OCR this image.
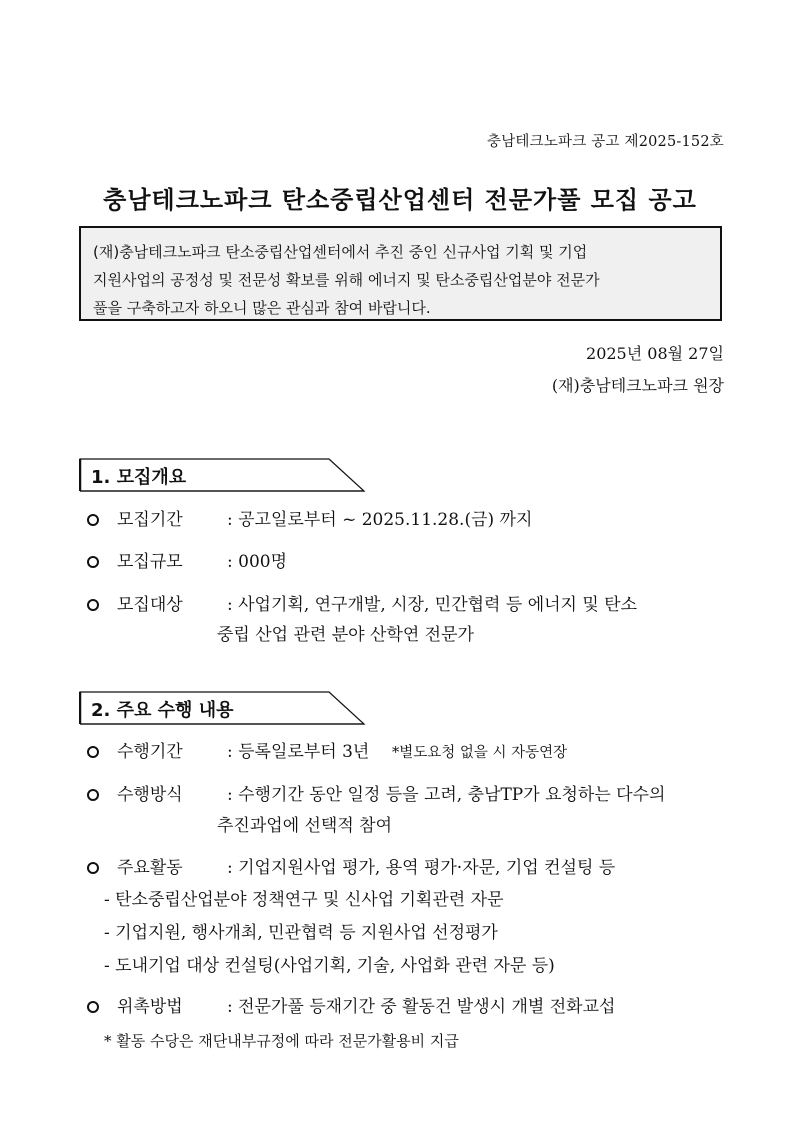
충남테크노파크 공고 제2025-152호
충남테크노파크 탄소중립산업센터 전문가풀 모집 공고
(재)충남테크노파크 탄소중립산업센터에서 추진 중인 신규사업 기획 및 기업
지원사업의 공정성 및 전문성 확보를 위해 에너지 및 탄소중립산업분야 전문가
풀을 구축하고자 하오니 많은 관심과 참여 바랍니다.
2025년 08월 27일
(재)충남테크노파크 원장
1. 모집개요
모집기간	: 공고일로부터 ~ 2025.11.28.(금) 까지
모집규모	: 000명
모집대상	: 사업기획, 연구개발, 시장, 민간협력 등 에너지 및 탄소
중립 산업 관련 분야 산학연 전문가
2. 주요 수행 내용
수행기간	: 등록일로부터 3년 *별도요청 없을 시 자동연장
수행방식	: 수행기간 동안 일정 등을 고려, 충남TP가 요청하는 다수의
추진과업에 선택적 참여
주요활동	: 기업지원사업 평가, 용역 평가·자문, 기업 컨설팅 등
- 탄소중립산업분야 정책연구 및 신사업 기획관련 자문
- 기업지원, 행사개최, 민관협력 등 지원사업 선정평가
- 도내기업 대상 컨설팅(사업기획, 기술, 사업화 관련 자문 등)
위촉방법	: 전문가풀 등재기간 중 활동건 발생시 개별 전화교섭
* 활동 수당은 재단내부규정에 따라 전문가활용비 지급
